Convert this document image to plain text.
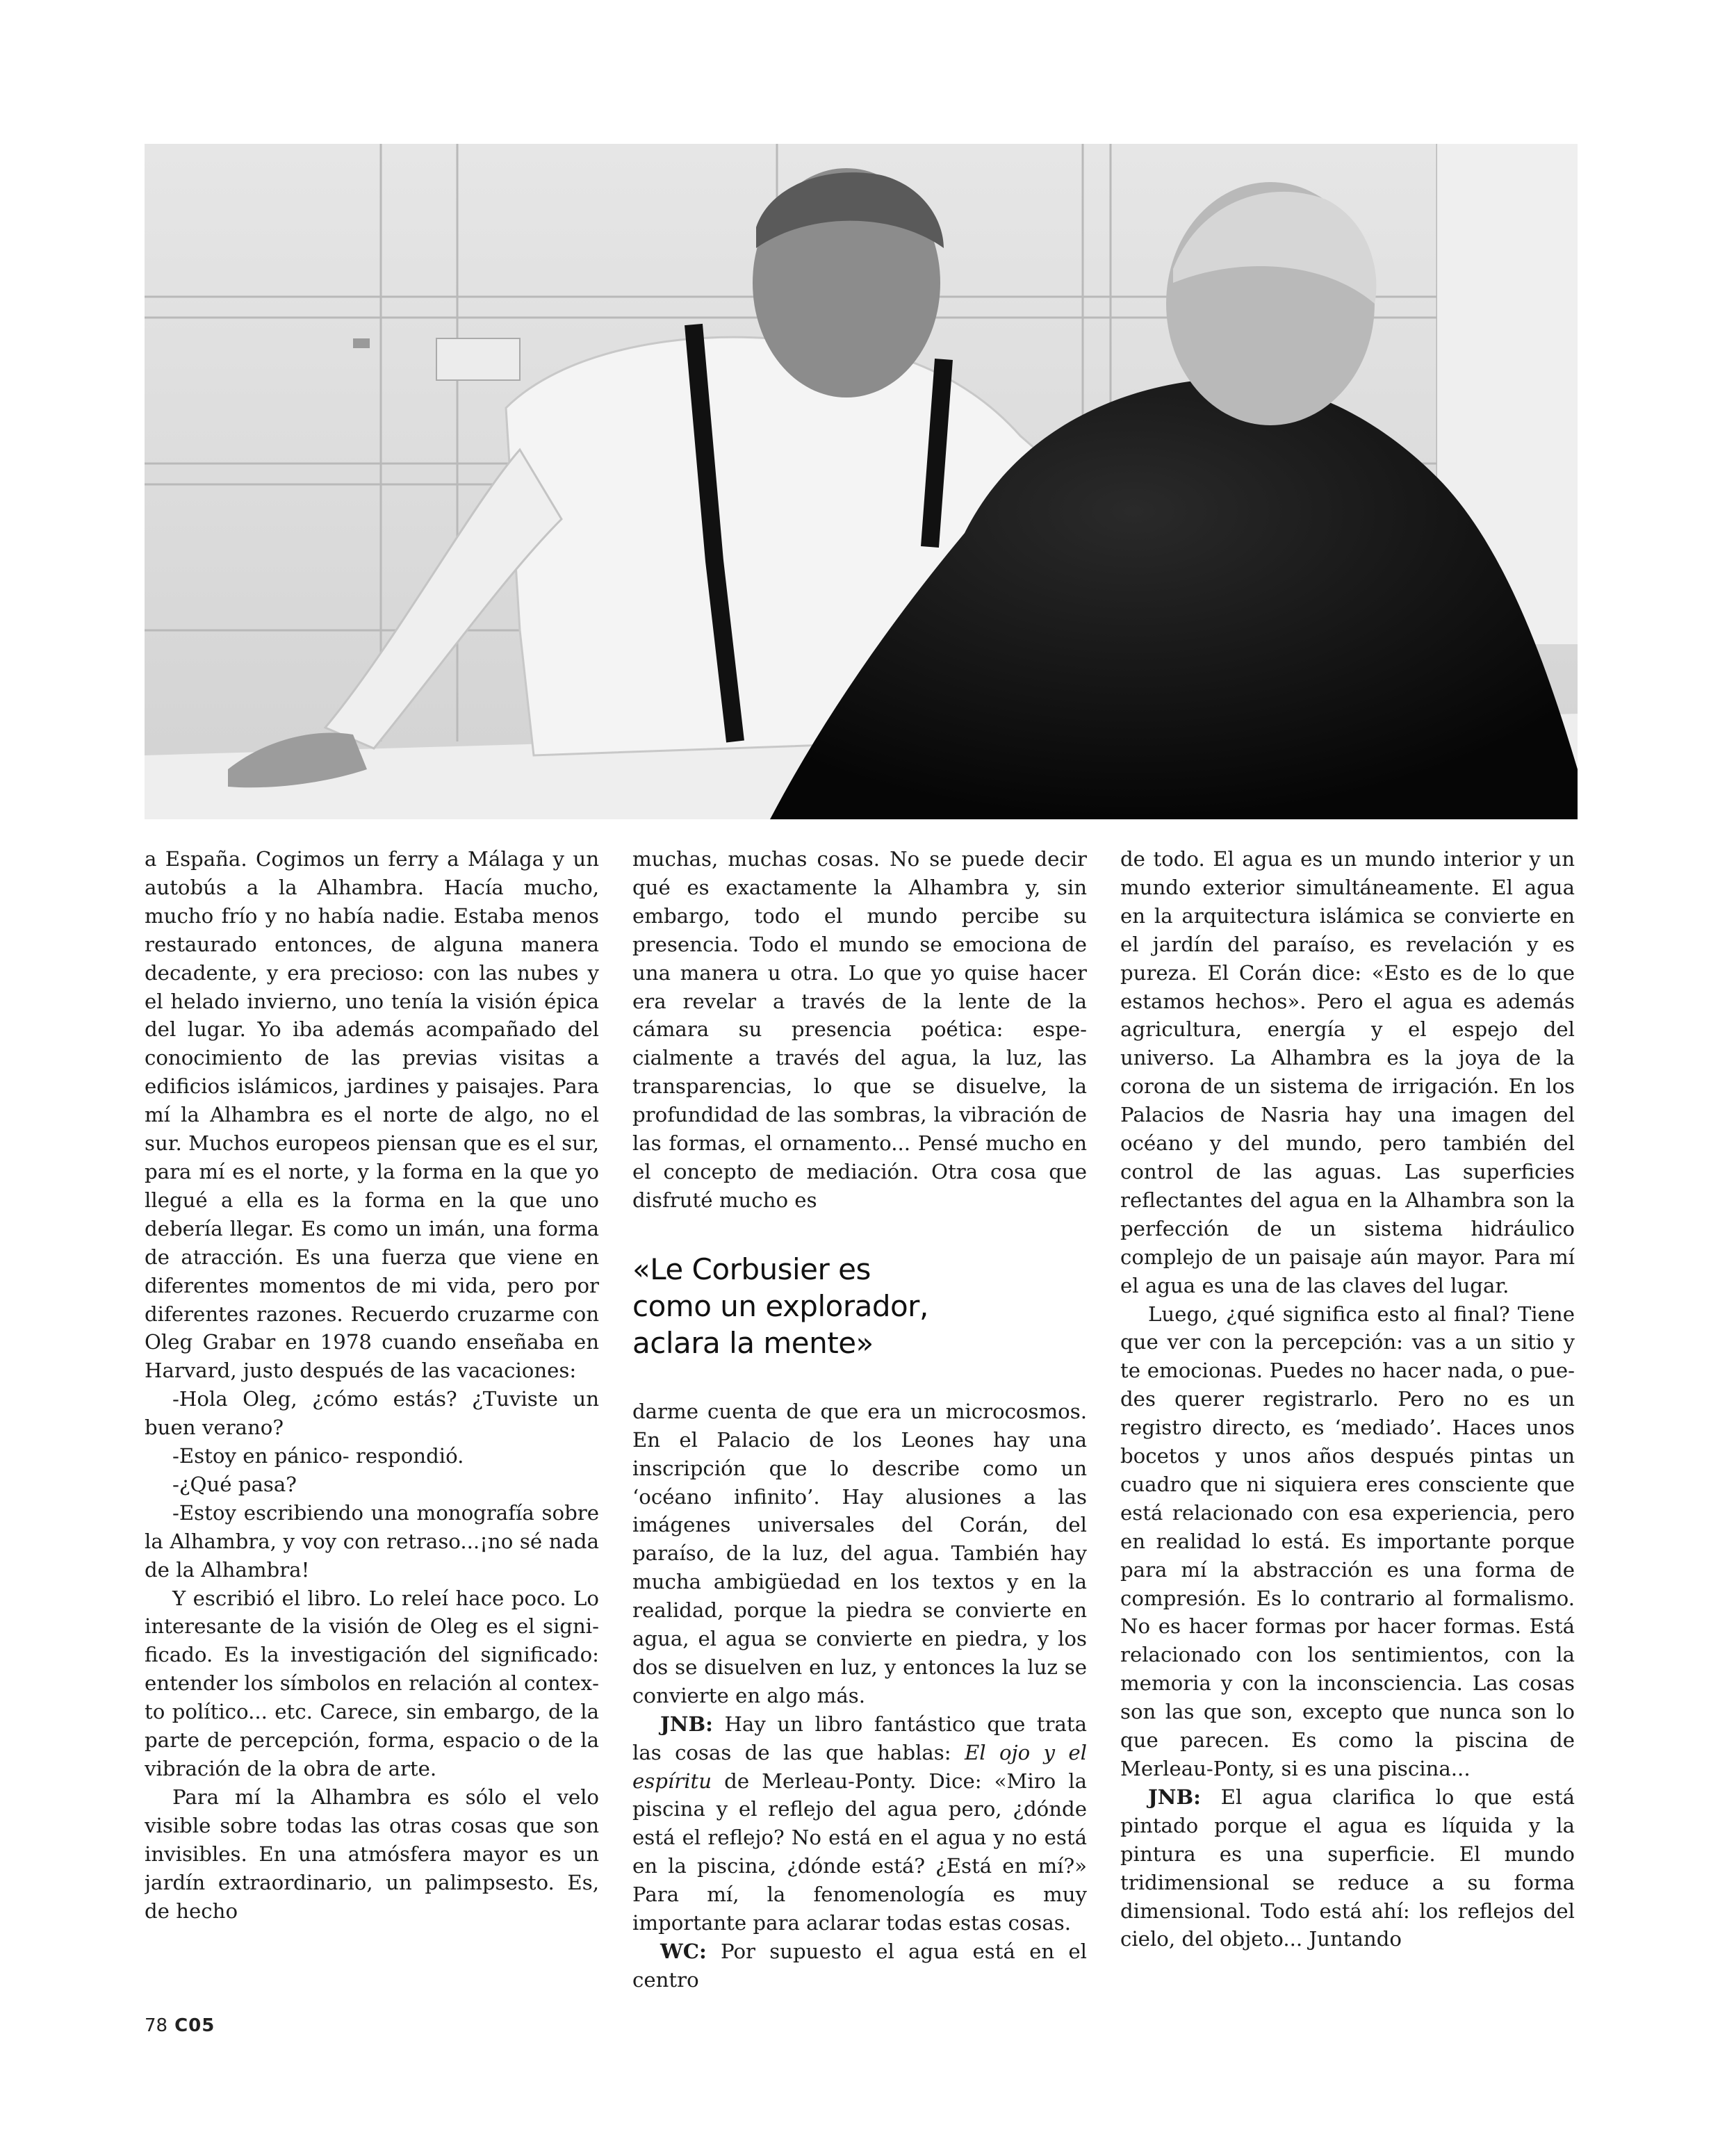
a España. Cogimos un ferry a Málaga y un autobús a la Alhambra. Hacía mucho, mucho frío y no había nadie. Estaba menos restaurado entonces, de alguna manera decadente, y era precioso: con las nubes y el helado invierno, uno tenía la visión épica del lugar. Yo iba además acompañado del conocimiento de las previas visitas a edificios islámicos, jardines y paisajes. Para mí la Alhambra es el norte de algo, no el sur. Muchos europeos piensan que es el sur, para mí es el norte, y la forma en la que yo llegué a ella es la forma en la que uno debería llegar. Es como un imán, una forma de atracción. Es una fuerza que viene en diferentes momentos de mi vida, pero por diferentes razones. Recuerdo cruzarme con Oleg Grabar en 1978 cuando enseñaba en Harvard, justo después de las vacaciones:

-Hola Oleg, ¿cómo estás? ¿Tuviste un buen verano?

-Estoy en pánico- respondió.

-¿Qué pasa?

-Estoy escribiendo una monografía sobre la Alhambra, y voy con retraso...¡no sé nada de la Alhambra!

Y escribió el libro. Lo releí hace poco. Lo interesante de la visión de Oleg es el significado. Es la investigación del significado: entender los símbolos en relación al contexto político... etc. Carece, sin embargo, de la parte de percepción, forma, espacio o de la vibración de la obra de arte.

Para mí la Alhambra es sólo el velo visible sobre todas las otras cosas que son invisibles. En una atmósfera mayor es un jardín extraordinario, un palimpsesto. Es, de hecho

muchas, muchas cosas. No se puede decir qué es exactamente la Alhambra y, sin embargo, todo el mundo percibe su presencia. Todo el mundo se emociona de una manera u otra. Lo que yo quise hacer era revelar a través de la lente de la cámara su presencia poética: especialmente a través del agua, la luz, las transparencias, lo que se disuelve, la profundidad de las sombras, la vibración de las formas, el ornamento... Pensé mucho en el concepto de mediación. Otra cosa que disfruté mucho es

«Le Corbusier es
como un explorador,
aclara la mente»

darme cuenta de que era un microcosmos. En el Palacio de los Leones hay una inscripción que lo describe como un ‘océano infinito’. Hay alusiones a las imágenes universales del Corán, del paraíso, de la luz, del agua. También hay mucha ambigüedad en los textos y en la realidad, porque la piedra se convierte en agua, el agua se convierte en piedra, y los dos se disuelven en luz, y entonces la luz se convierte en algo más.

JNB: Hay un libro fantástico que trata las cosas de las que hablas: El ojo y el espíritu de Merleau-Ponty. Dice: «Miro la piscina y el reflejo del agua pero, ¿dónde está el reflejo? No está en el agua y no está en la piscina, ¿dónde está? ¿Está en mí?» Para mí, la fenomenología es muy importante para aclarar todas estas cosas.

WC: Por supuesto el agua está en el centro

de todo. El agua es un mundo interior y un mundo exterior simultáneamente. El agua en la arquitectura islámica se convierte en el jardín del paraíso, es revelación y es pureza. El Corán dice: «Esto es de lo que estamos hechos». Pero el agua es además agricultura, energía y el espejo del universo. La Alhambra es la joya de la corona de un sistema de irrigación. En los Palacios de Nasria hay una imagen del océano y del mundo, pero también del control de las aguas. Las superficies reflectantes del agua en la Alhambra son la perfección de un sistema hidráulico complejo de un paisaje aún mayor. Para mí el agua es una de las claves del lugar.

Luego, ¿qué significa esto al final? Tiene que ver con la percepción: vas a un sitio y te emocionas. Puedes no hacer nada, o puedes querer registrarlo. Pero no es un registro directo, es ‘mediado’. Haces unos bocetos y unos años después pintas un cuadro que ni siquiera eres consciente que está relacionado con esa experiencia, pero en realidad lo está. Es importante porque para mí la abstracción es una forma de compresión. Es lo contrario al formalismo. No es hacer formas por hacer formas. Está relacionado con los sentimientos, con la memoria y con la inconsciencia. Las cosas son las que son, excepto que nunca son lo que parecen. Es como la piscina de Merleau-Ponty, si es una piscina...

JNB: El agua clarifica lo que está pintado porque el agua es líquida y la pintura es una superficie. El mundo tridimensional se reduce a su forma dimensional. Todo está ahí: los reflejos del cielo, del objeto... Juntando

78 C05
